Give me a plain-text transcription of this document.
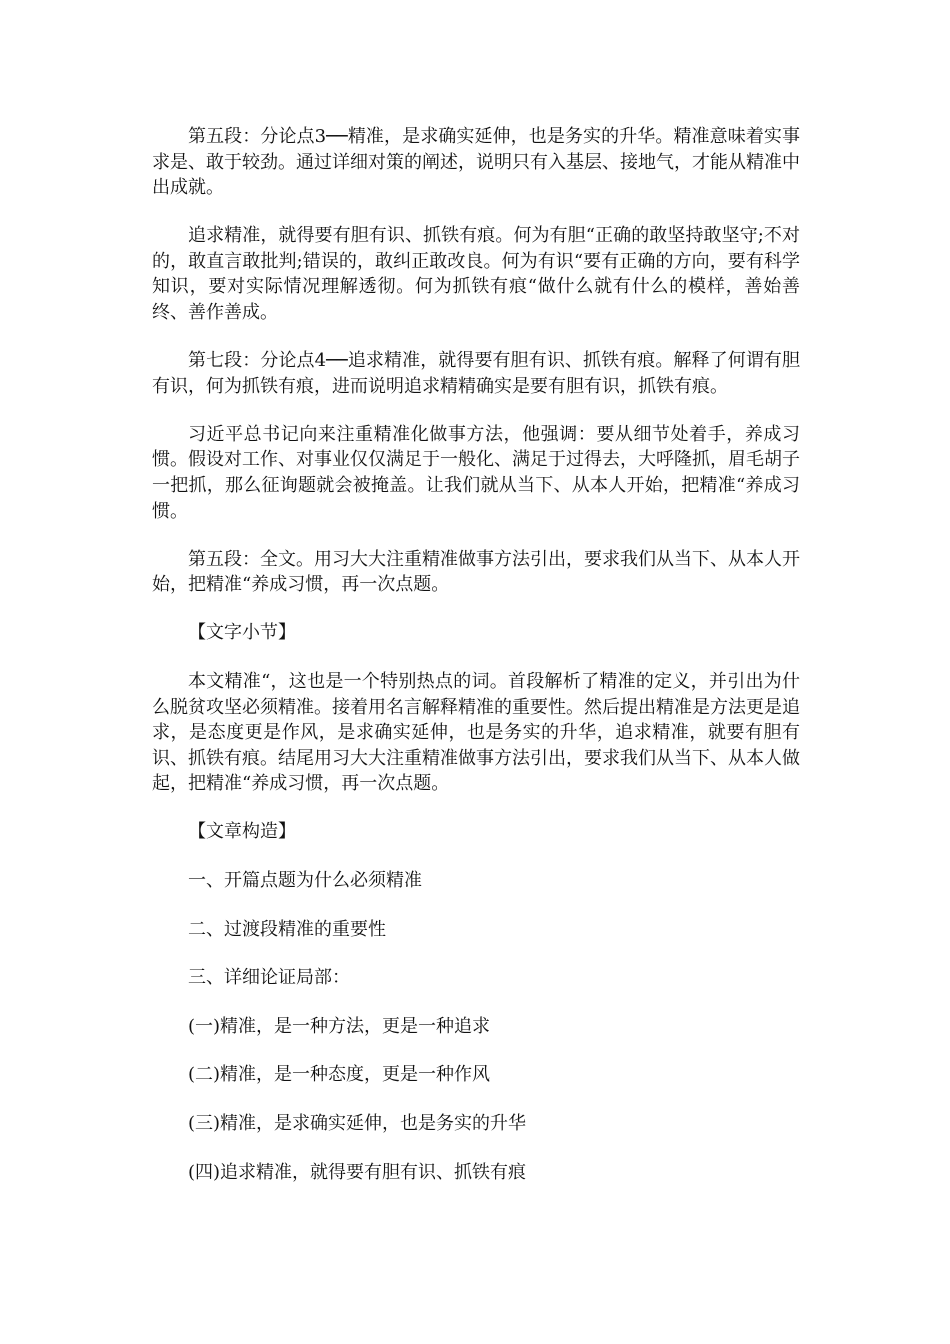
第五段：分论点3──精准，是求确实延伸，也是务实的升华。精准意味着实事求是、敢于较劲。通过详细对策的阐述，说明只有入基层、接地气，才能从精准中出成就。

追求精准，就得要有胆有识、抓铁有痕。何为有胆“正确的敢坚持敢坚守;不对的，敢直言敢批判;错误的，敢纠正敢改良。何为有识“要有正确的方向，要有科学知识，要对实际情况理解透彻。何为抓铁有痕“做什么就有什么的模样，善始善终、善作善成。

第七段：分论点4──追求精准，就得要有胆有识、抓铁有痕。解释了何谓有胆有识，何为抓铁有痕，进而说明追求精精确实是要有胆有识，抓铁有痕。

习近平总书记向来注重精准化做事方法，他强调：要从细节处着手，养成习惯。假设对工作、对事业仅仅满足于一般化、满足于过得去，大呼隆抓，眉毛胡子一把抓，那么征询题就会被掩盖。让我们就从当下、从本人开始，把精准“养成习惯。

第五段：全文。用习大大注重精准做事方法引出，要求我们从当下、从本人开始，把精准“养成习惯，再一次点题。

【文字小节】

本文精准“，这也是一个特别热点的词。首段解析了精准的定义，并引出为什么脱贫攻坚必须精准。接着用名言解释精准的重要性。然后提出精准是方法更是追求，是态度更是作风，是求确实延伸，也是务实的升华，追求精准，就要有胆有识、抓铁有痕。结尾用习大大注重精准做事方法引出，要求我们从当下、从本人做起，把精准“养成习惯，再一次点题。

【文章构造】

一、开篇点题为什么必须精准

二、过渡段精准的重要性

三、详细论证局部：

(一)精准，是一种方法，更是一种追求

(二)精准，是一种态度，更是一种作风

(三)精准，是求确实延伸，也是务实的升华

(四)追求精准，就得要有胆有识、抓铁有痕
